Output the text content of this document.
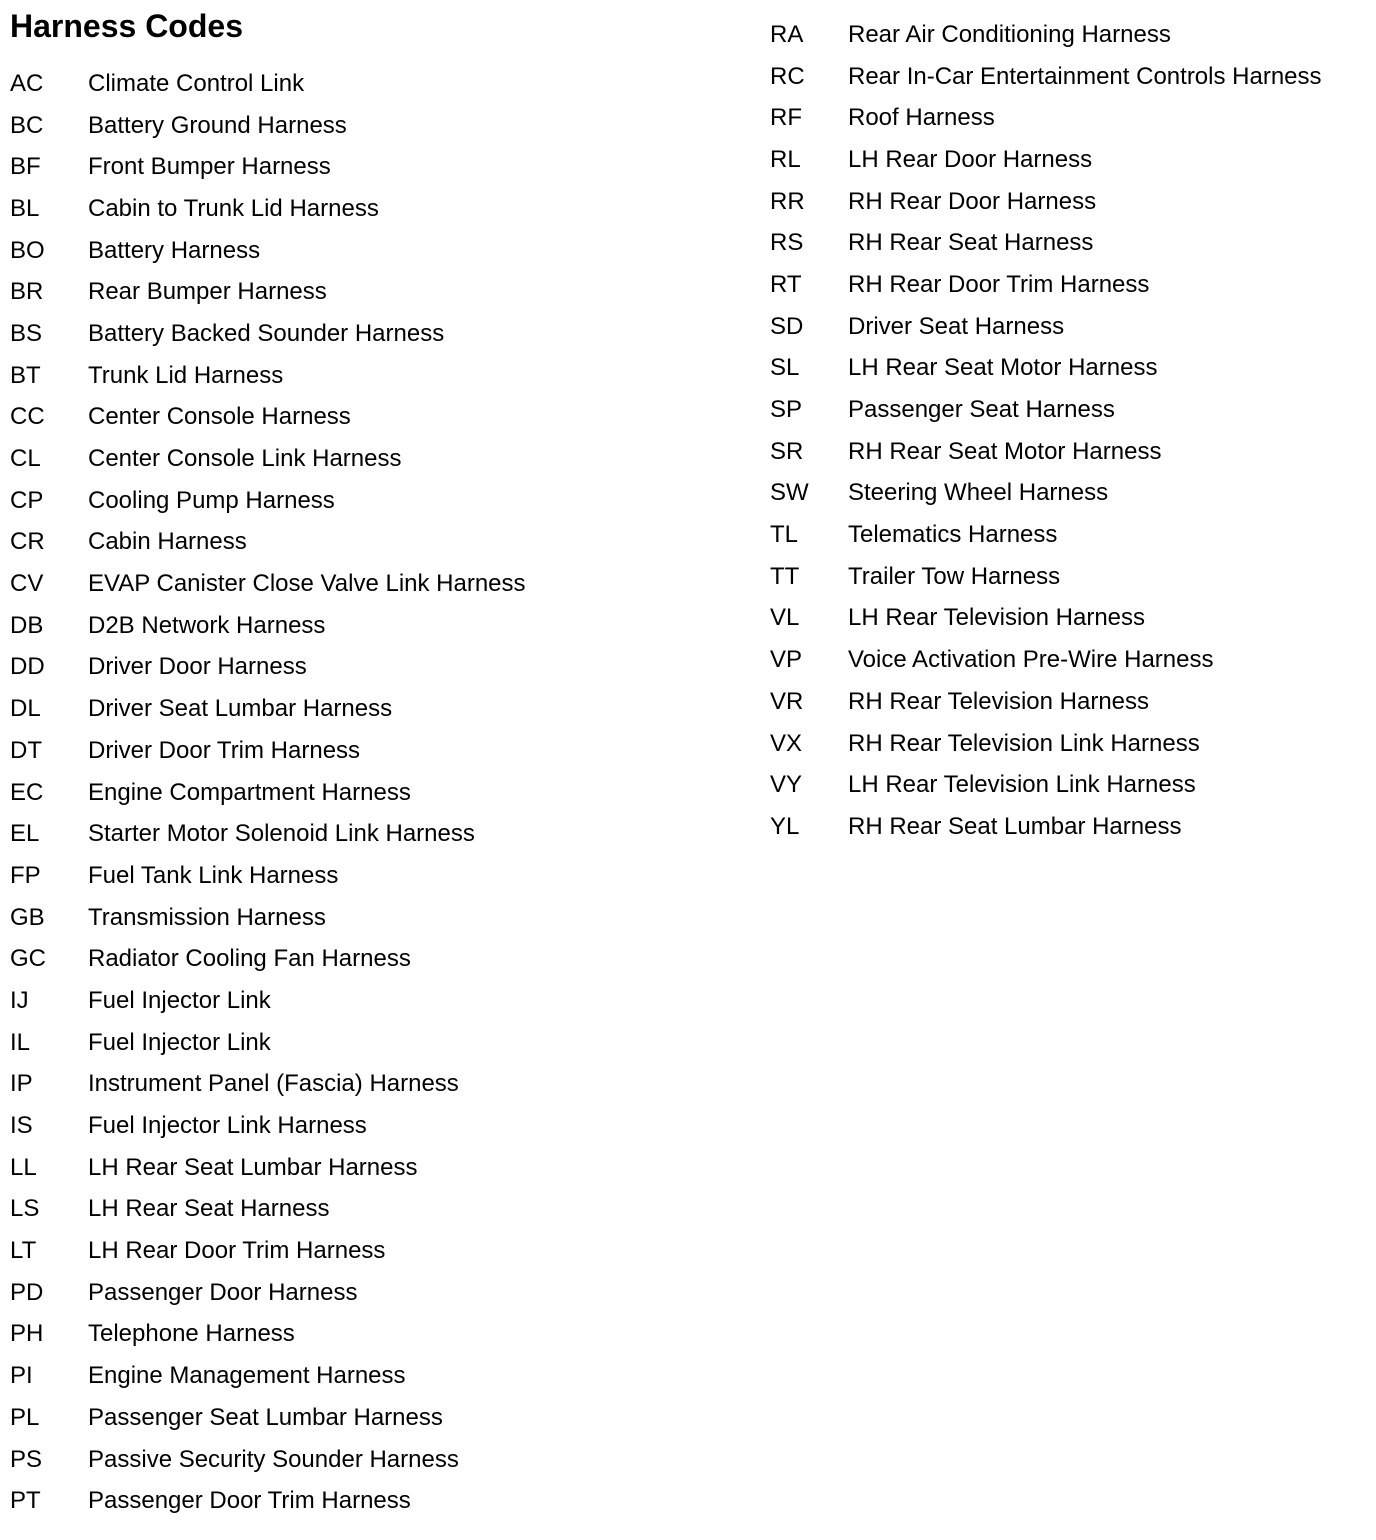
Harness Codes
AC	Climate Control Link
BC	Battery Ground Harness
BF	Front Bumper Harness
BL	Cabin to Trunk Lid Harness
BO	Battery Harness
BR	Rear Bumper Harness
BS	Battery Backed Sounder Harness
BT	Trunk Lid Harness
CC	Center Console Harness
CL	Center Console Link Harness
CP	Cooling Pump Harness
CR	Cabin Harness
CV	EVAP Canister Close Valve Link Harness
DB	D2B Network Harness
DD	Driver Door Harness
DL	Driver Seat Lumbar Harness
DT	Driver Door Trim Harness
EC	Engine Compartment Harness
EL	Starter Motor Solenoid Link Harness
FP	Fuel Tank Link Harness
GB	Transmission Harness
GC	Radiator Cooling Fan Harness
IJ	Fuel Injector Link
IL	Fuel Injector Link
IP	Instrument Panel (Fascia) Harness
IS	Fuel Injector Link Harness
LL	LH Rear Seat Lumbar Harness
LS	LH Rear Seat Harness
LT	LH Rear Door Trim Harness
PD	Passenger Door Harness
PH	Telephone Harness
PI	Engine Management Harness
PL	Passenger Seat Lumbar Harness
PS	Passive Security Sounder Harness
PT	Passenger Door Trim Harness
RA	Rear Air Conditioning Harness
RC	Rear In-Car Entertainment Controls Harness
RF	Roof Harness
RL	LH Rear Door Harness
RR	RH Rear Door Harness
RS	RH Rear Seat Harness
RT	RH Rear Door Trim Harness
SD	Driver Seat Harness
SL	LH Rear Seat Motor Harness
SP	Passenger Seat Harness
SR	RH Rear Seat Motor Harness
SW	Steering Wheel Harness
TL	Telematics Harness
TT	Trailer Tow Harness
VL	LH Rear Television Harness
VP	Voice Activation Pre-Wire Harness
VR	RH Rear Television Harness
VX	RH Rear Television Link Harness
VY	LH Rear Television Link Harness
YL	RH Rear Seat Lumbar Harness
